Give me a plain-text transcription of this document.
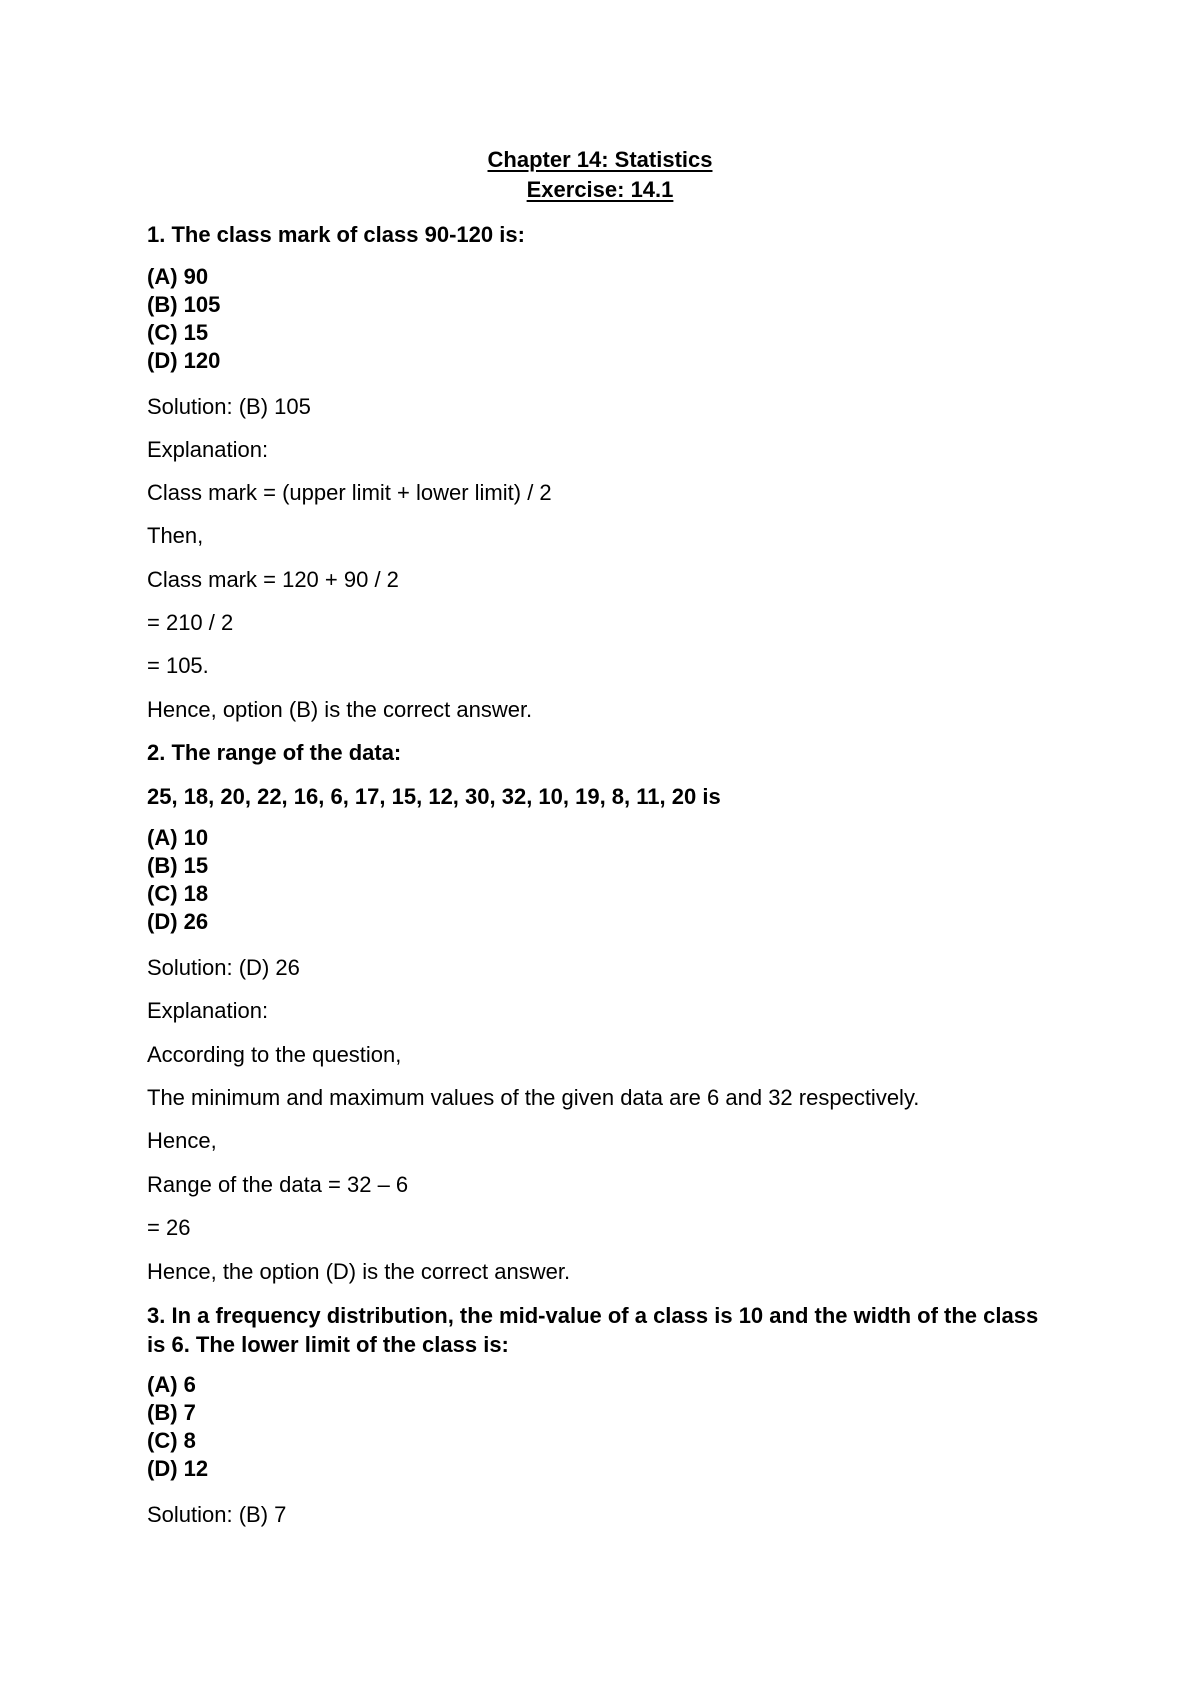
Chapter 14: Statistics
Exercise: 14.1
1. The class mark of class 90-120 is:
(A) 90
(B) 105
(C) 15
(D) 120
Solution: (B) 105
Explanation:
Class mark = (upper limit + lower limit) / 2
Then,
Class mark = 120 + 90 / 2
= 210 / 2
= 105.
Hence, option (B) is the correct answer.
2. The range of the data:
25, 18, 20, 22, 16, 6, 17, 15, 12, 30, 32, 10, 19, 8, 11, 20 is
(A) 10
(B) 15
(C) 18
(D) 26
Solution: (D) 26
Explanation:
According to the question,
The minimum and maximum values of the given data are 6 and 32 respectively.
Hence,
Range of the data = 32 – 6
= 26
Hence, the option (D) is the correct answer.
3. In a frequency distribution, the mid-value of a class is 10 and the width of the class is 6. The lower limit of the class is:
(A) 6
(B) 7
(C) 8
(D) 12
Solution: (B) 7
